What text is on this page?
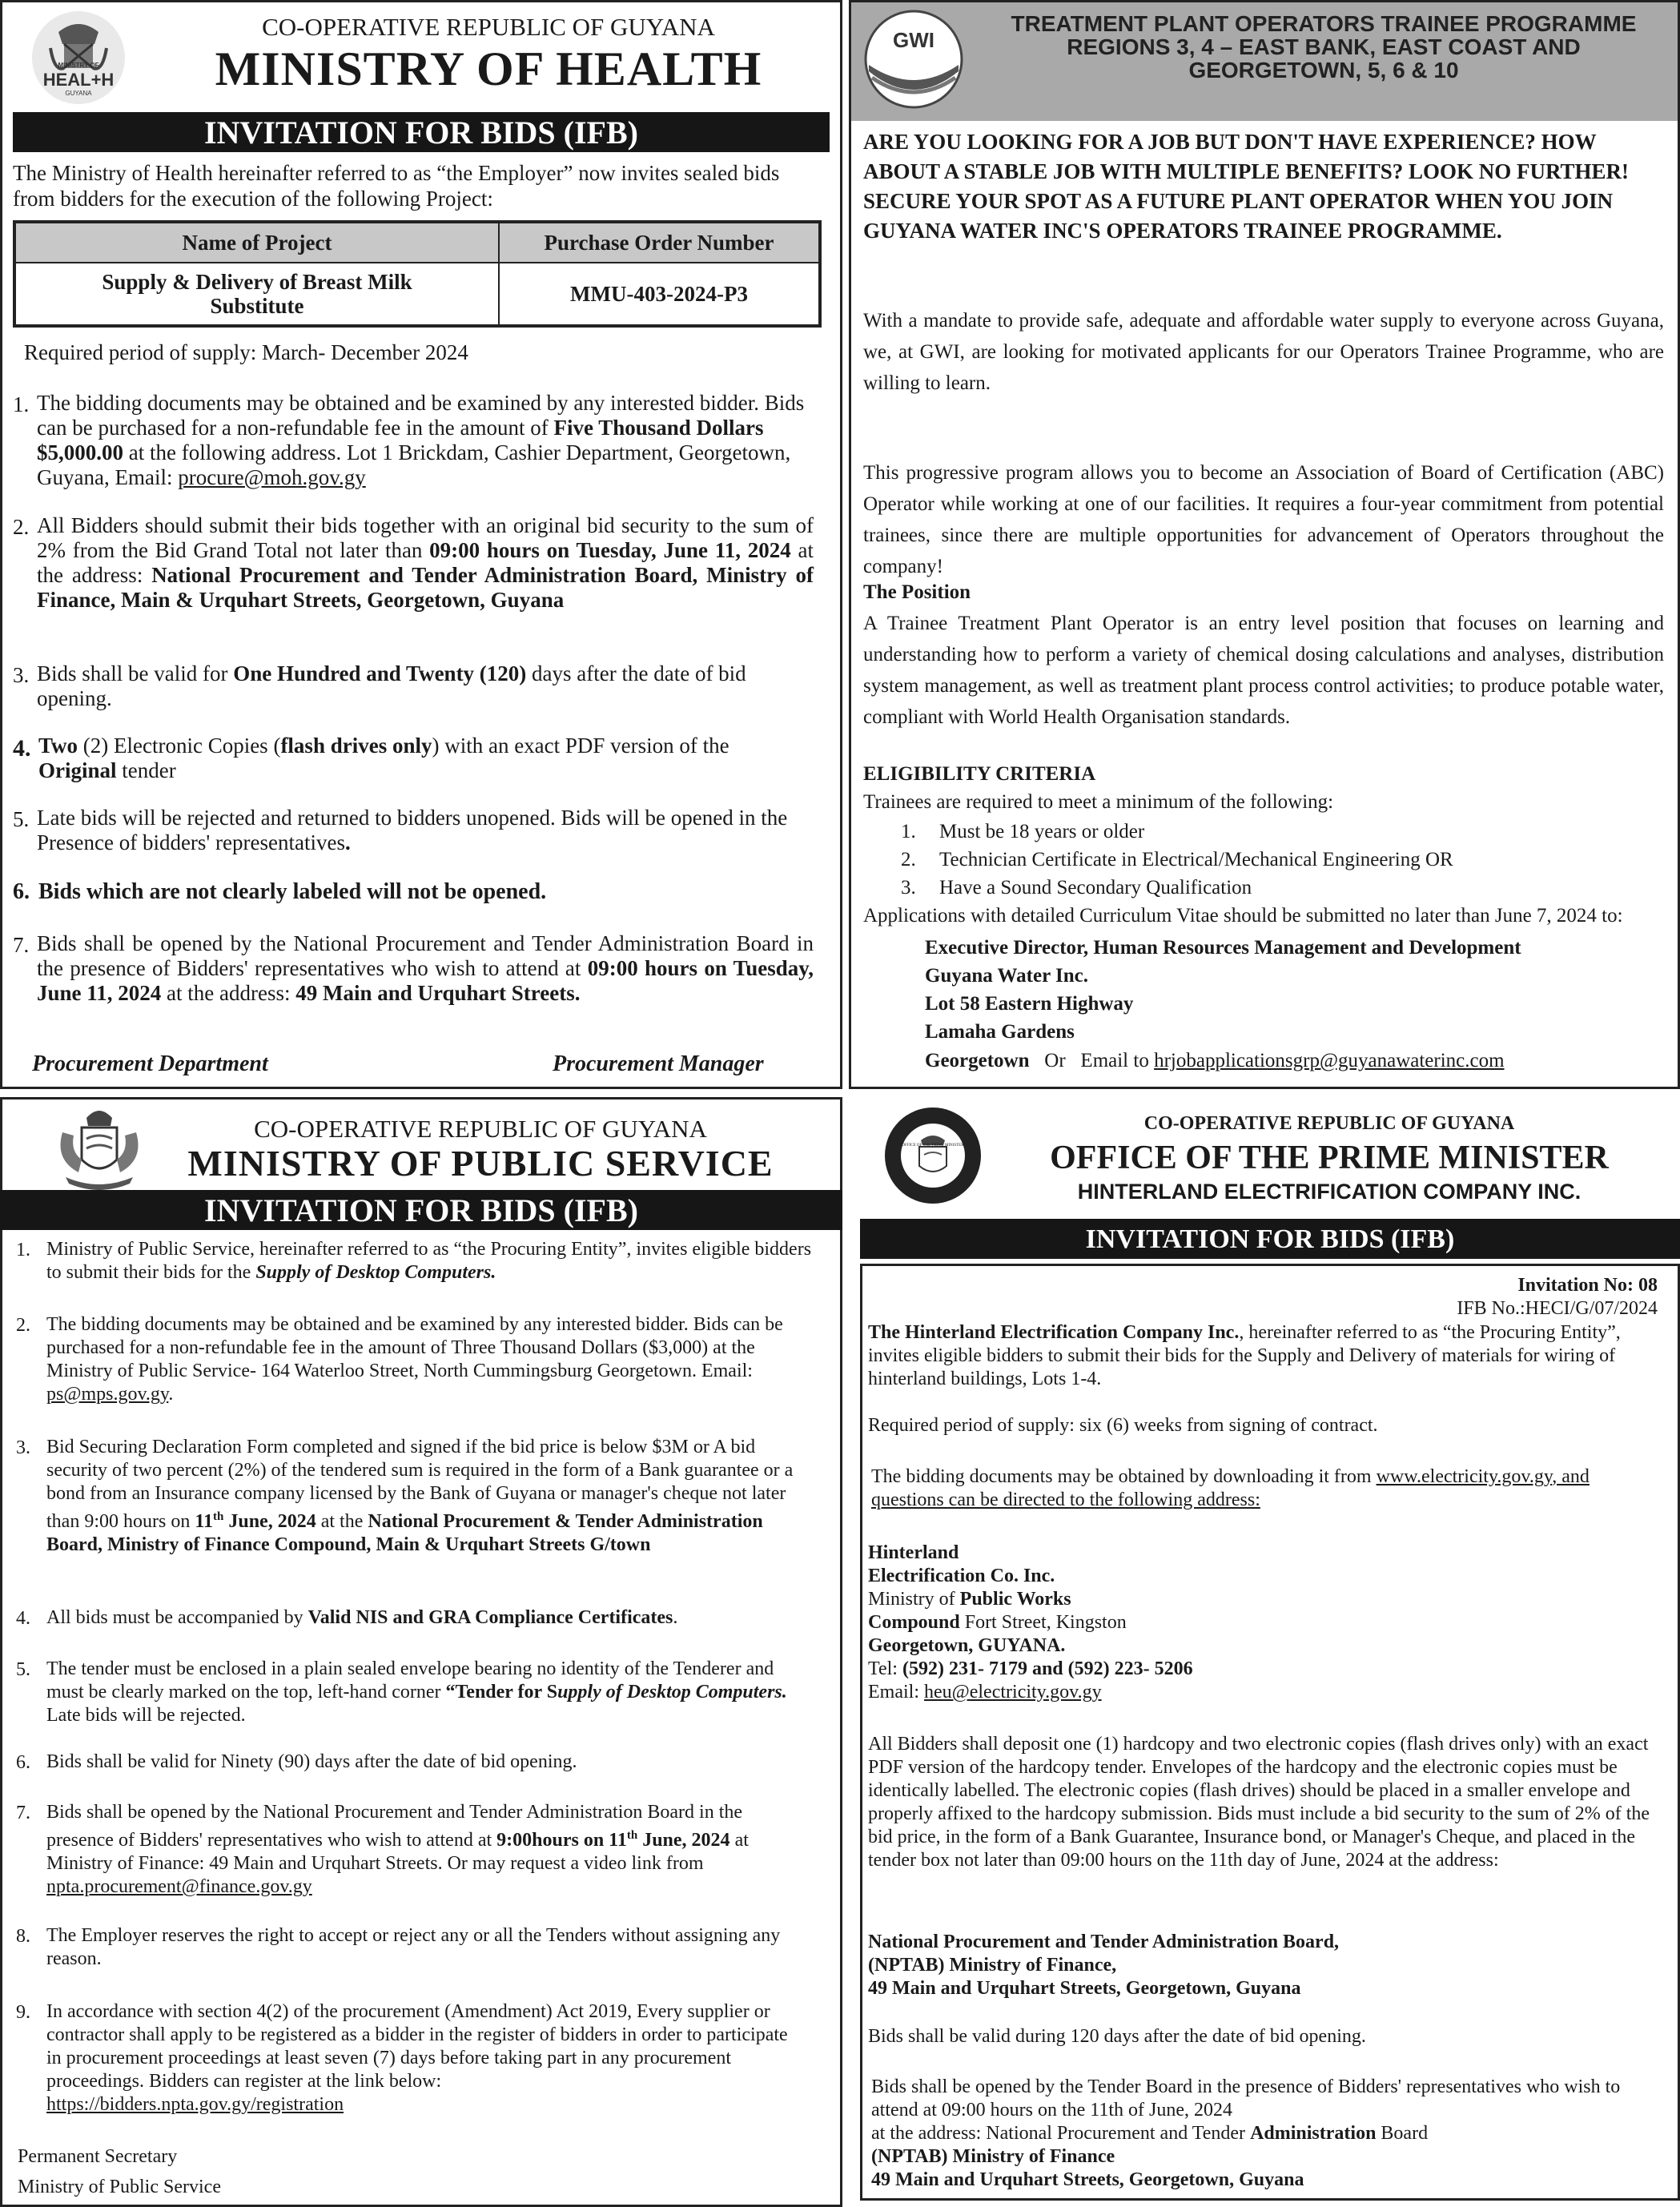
MINISTRY OF
HEAL+H
GUYANA
CO-OPERATIVE REPUBLIC OF GUYANA
MINISTRY OF HEALTH
INVITATION FOR BIDS (IFB)

The Ministry of Health hereinafter referred to as “the Employer” now invites sealed bids from bidders for the execution of the following Project:

Name of Project	Purchase Order Number
Supply & Delivery of Breast Milk Substitute	MMU-403-2024-P3

Required period of supply: March- December 2024

1. The bidding documents may be obtained and be examined by any interested bidder. Bids can be purchased for a non-refundable fee in the amount of Five Thousand Dollars $5,000.00 at the following address. Lot 1 Brickdam, Cashier Department, Georgetown, Guyana, Email: procure@moh.gov.gy

2. All Bidders should submit their bids together with an original bid security to the sum of 2% from the Bid Grand Total not later than 09:00 hours on Tuesday, June 11, 2024 at the address: National Procurement and Tender Administration Board, Ministry of Finance, Main & Urquhart Streets, Georgetown, Guyana

3. Bids shall be valid for One Hundred and Twenty (120) days after the date of bid opening.

4. Two (2) Electronic Copies (flash drives only) with an exact PDF version of the Original tender

5. Late bids will be rejected and returned to bidders unopened. Bids will be opened in the Presence of bidders' representatives.

6. Bids which are not clearly labeled will not be opened.

7. Bids shall be opened by the National Procurement and Tender Administration Board in the presence of Bidders' representatives who wish to attend at 09:00 hours on Tuesday, June 11, 2024 at the address: 49 Main and Urquhart Streets.

Procurement Department	Procurement Manager

GWI
TREATMENT PLANT OPERATORS TRAINEE PROGRAMME REGIONS 3, 4 – EAST BANK, EAST COAST AND GEORGETOWN, 5, 6 & 10

ARE YOU LOOKING FOR A JOB BUT DON'T HAVE EXPERIENCE? HOW ABOUT A STABLE JOB WITH MULTIPLE BENEFITS? LOOK NO FURTHER! SECURE YOUR SPOT AS A FUTURE PLANT OPERATOR WHEN YOU JOIN GUYANA WATER INC'S OPERATORS TRAINEE PROGRAMME.

With a mandate to provide safe, adequate and affordable water supply to everyone across Guyana, we, at GWI, are looking for motivated applicants for our Operators Trainee Programme, who are willing to learn.

This progressive program allows you to become an Association of Board of Certification (ABC) Operator while working at one of our facilities. It requires a four-year commitment from potential trainees, since there are multiple opportunities for advancement of Operators throughout the company!

The Position

A Trainee Treatment Plant Operator is an entry level position that focuses on learning and understanding how to perform a variety of chemical dosing calculations and analyses, distribution system management, as well as treatment plant process control activities; to produce potable water, compliant with World Health Organisation standards.

ELIGIBILITY CRITERIA

Trainees are required to meet a minimum of the following:

1. Must be 18 years or older
2. Technician Certificate in Electrical/Mechanical Engineering OR
3. Have a Sound Secondary Qualification

Applications with detailed Curriculum Vitae should be submitted no later than June 7, 2024 to:

Executive Director, Human Resources Management and Development
Guyana Water Inc.
Lot 58 Eastern Highway
Lamaha Gardens
Georgetown Or Email to hrjobapplicationsgrp@guyanawaterinc.com
CO-OPERATIVE REPUBLIC OF GUYANA
MINISTRY OF PUBLIC SERVICE
INVITATION FOR BIDS (IFB)
1. Ministry of Public Service, hereinafter referred to as “the Procuring Entity”, invites eligible bidders to submit their bids for the Supply of Desktop Computers.

2. The bidding documents may be obtained and be examined by any interested bidder. Bids can be purchased for a non-refundable fee in the amount of Three Thousand Dollars ($3,000) at the Ministry of Public Service- 164 Waterloo Street, North Cummingsburg Georgetown. Email: ps@mps.gov.gy.

3. Bid Securing Declaration Form completed and signed if the bid price is below $3M or A bid security of two percent (2%) of the tendered sum is required in the form of a Bank guarantee or a bond from an Insurance company licensed by the Bank of Guyana or manager's cheque not later than 9:00 hours on 11th June, 2024 at the National Procurement & Tender Administration Board, Ministry of Finance Compound, Main & Urquhart Streets G/town

4. All bids must be accompanied by Valid NIS and GRA Compliance Certificates.

5. The tender must be enclosed in a plain sealed envelope bearing no identity of the Tenderer and must be clearly marked on the top, left-hand corner “Tender for Supply of Desktop Computers. Late bids will be rejected.

6. Bids shall be valid for Ninety (90) days after the date of bid opening.

7. Bids shall be opened by the National Procurement and Tender Administration Board in the presence of Bidders' representatives who wish to attend at 9:00hours on 11th June, 2024 at Ministry of Finance: 49 Main and Urquhart Streets. Or may request a video link from npta.procurement@finance.gov.gy

8. The Employer reserves the right to accept or reject any or all the Tenders without assigning any reason.

9. In accordance with section 4(2) of the procurement (Amendment) Act 2019, Every supplier or contractor shall apply to be registered as a bidder in the register of bidders in order to participate in procurement proceedings at least seven (7) days before taking part in any procurement proceedings. Bidders can register at the link below:
https://bidders.npta.gov.gy/registration

Permanent Secretary

Ministry of Public Service

OFFICE OF THE PRIME MINISTER
CO-OPERATIVE REPUBLIC OF GUYANA
OFFICE OF THE PRIME MINISTER
HINTERLAND ELECTRIFICATION COMPANY INC.
INVITATION FOR BIDS (IFB)
Invitation No: 08
IFB No.:HECI/G/07/2024

The Hinterland Electrification Company Inc., hereinafter referred to as “the Procuring Entity”, invites eligible bidders to submit their bids for the Supply and Delivery of materials for wiring of hinterland buildings, Lots 1-4.

Required period of supply: six (6) weeks from signing of contract.

The bidding documents may be obtained by downloading it from www.electricity.gov.gy, and questions can be directed to the following address:

Hinterland
Electrification Co. Inc.
Ministry of Public Works
Compound Fort Street, Kingston
Georgetown, GUYANA.
Tel: (592) 231- 7179 and (592) 223- 5206
Email: heu@electricity.gov.gy

All Bidders shall deposit one (1) hardcopy and two electronic copies (flash drives only) with an exact PDF version of the hardcopy tender. Envelopes of the hardcopy and the electronic copies must be identically labelled. The electronic copies (flash drives) should be placed in a smaller envelope and properly affixed to the hardcopy submission. Bids must include a bid security to the sum of 2% of the bid price, in the form of a Bank Guarantee, Insurance bond, or Manager's Cheque, and placed in the tender box not later than 09:00 hours on the 11th day of June, 2024 at the address:

National Procurement and Tender Administration Board,
(NPTAB) Ministry of Finance,
49 Main and Urquhart Streets, Georgetown, Guyana

Bids shall be valid during 120 days after the date of bid opening.

Bids shall be opened by the Tender Board in the presence of Bidders' representatives who wish to attend at 09:00 hours on the 11th of June, 2024
at the address: National Procurement and Tender Administration Board
(NPTAB) Ministry of Finance
49 Main and Urquhart Streets, Georgetown, Guyana
